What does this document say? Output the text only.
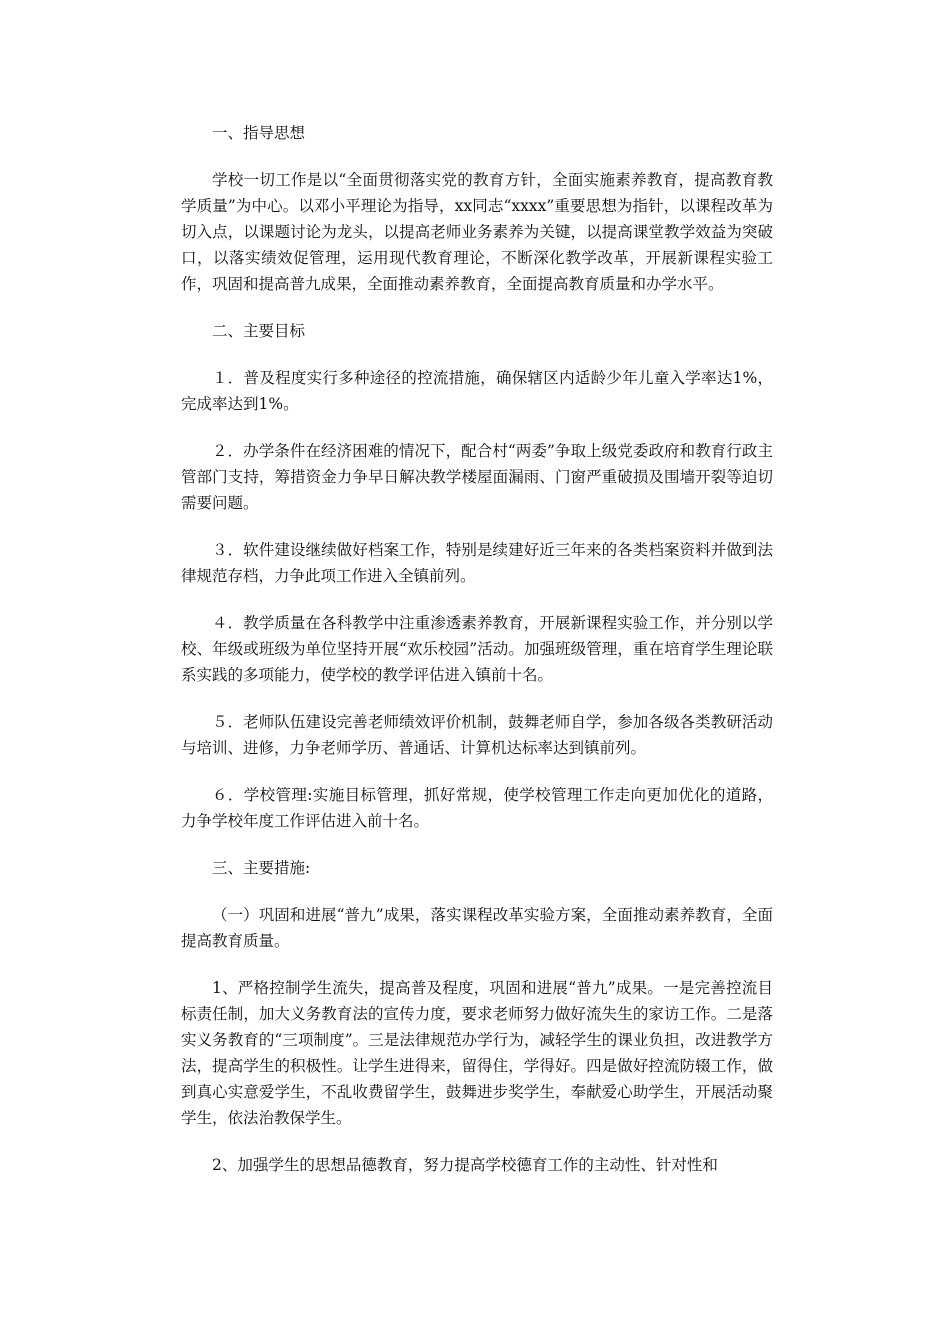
一、指导思想

学校一切工作是以“全面贯彻落实党的教育方针，全面实施素养教育，提高教育教学质量”为中心。以邓小平理论为指导，xx同志“xxxx”重要思想为指针，以课程改革为切入点，以课题讨论为龙头，以提高老师业务素养为关键，以提高课堂教学效益为突破口，以落实绩效促管理，运用现代教育理论，不断深化教学改革，开展新课程实验工作，巩固和提高普九成果，全面推动素养教育，全面提高教育质量和办学水平。

二、主要目标

１．普及程度实行多种途径的控流措施，确保辖区内适龄少年儿童入学率达1%，完成率达到1%。

２．办学条件在经济困难的情况下，配合村“两委”争取上级党委政府和教育行政主管部门支持，筹措资金力争早日解决教学楼屋面漏雨、门窗严重破损及围墙开裂等迫切需要问题。

３．软件建设继续做好档案工作，特别是续建好近三年来的各类档案资料并做到法律规范存档，力争此项工作进入全镇前列。

４．教学质量在各科教学中注重渗透素养教育，开展新课程实验工作，并分别以学校、年级或班级为单位坚持开展“欢乐校园”活动。加强班级管理，重在培育学生理论联系实践的多项能力，使学校的教学评估进入镇前十名。

５．老师队伍建设完善老师绩效评价机制，鼓舞老师自学，参加各级各类教研活动与培训、进修，力争老师学历、普通话、计算机达标率达到镇前列。

６．学校管理:实施目标管理，抓好常规，使学校管理工作走向更加优化的道路，力争学校年度工作评估进入前十名。

三、主要措施:

（一）巩固和进展“普九”成果，落实课程改革实验方案，全面推动素养教育，全面提高教育质量。

1、严格控制学生流失，提高普及程度，巩固和进展“普九”成果。一是完善控流目标责任制，加大义务教育法的宣传力度，要求老师努力做好流失生的家访工作。二是落实义务教育的“三项制度”。三是法律规范办学行为，减轻学生的课业负担，改进教学方法，提高学生的积极性。让学生进得来，留得住，学得好。四是做好控流防辍工作，做到真心实意爱学生，不乱收费留学生，鼓舞进步奖学生，奉献爱心助学生，开展活动聚学生，依法治教保学生。

2、加强学生的思想品德教育，努力提高学校德育工作的主动性、针对性和
